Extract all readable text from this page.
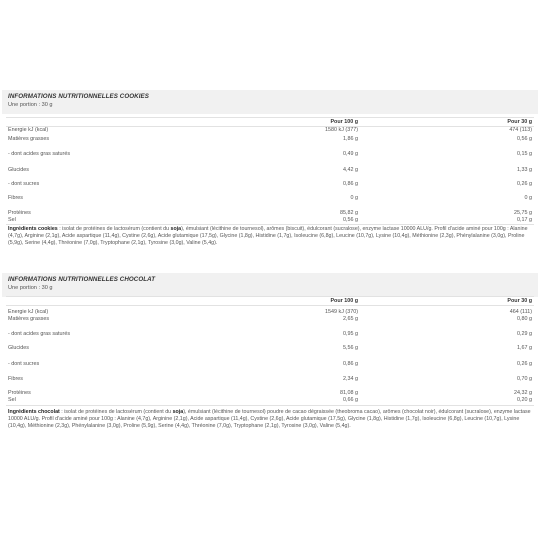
INFORMATIONS NUTRITIONNELLES COOKIES
Une portion : 30 g
Pour 100 g	Pour 30 g
Energie kJ (kcal)	1580 kJ (377)	474 (113)
Matières grasses	1,86 g	0,56 g
- dont acides gras saturés	0,49 g	0,15 g
Glucides	4,42 g	1,33 g
- dont sucres	0,86 g	0,26 g
Fibres	0 g	0 g
Protéines	85,82 g	25,75 g
Sel	0,56 g	0,17 g
Ingrédients cookies : isolat de protéines de lactosérum (contient du soja), émulsiant (lécithine de tournesol), arômes (biscuit), édulcorant (sucralose), enzyme lactase 10000 ALU/g. Profil d'acide aminé pour 100g : Alanine (4,7g), Arginine (2,1g), Acide aspartique (11,4g), Cystine (2,6g), Acide glutamique (17,5g), Glycine (1,8g), Histidine (1,7g), Isoleucine (6,8g), Leucine (10,7g), Lysine (10,4g), Méthionine (2,3g), Phénylalanine (3,0g), Proline (5,9g), Serine (4,4g), Thréonine (7,0g), Tryptophane (2,1g), Tyrosine (3,0g), Valine (5,4g).
INFORMATIONS NUTRITIONNELLES CHOCOLAT
Une portion : 30 g
Pour 100 g	Pour 30 g
Energie kJ (kcal)	1549 kJ (370)	464 (111)
Matières grasses	2,65 g	0,80 g
- dont acides gras saturés	0,95 g	0,29 g
Glucides	5,56 g	1,67 g
- dont sucres	0,86 g	0,26 g
Fibres	2,34 g	0,70 g
Protéines	81,08 g	24,32 g
Sel	0,66 g	0,20 g
Ingrédients chocolat : isolat de protéines de lactosérum (contient du soja), émulsiant (lécithine de tournesol) poudre de cacao dégraissée (theobroma cacao), arômes (chocolat noir), édulcorant (sucralose), enzyme lactase 10000 ALU/g. Profil d'acide aminé pour 100g : Alanine (4,7g), Arginine (2,1g), Acide aspartique (11,4g), Cystine (2,6g), Acide glutamique (17,5g), Glycine (1,8g), Histidine (1,7g), Isoleucine (6,8g), Leucine (10,7g), Lysine (10,4g), Méthionine (2,3g), Phénylalanine (3,0g), Proline (5,9g), Serine (4,4g), Thréonine (7,0g), Tryptophane (2,1g), Tyrosine (3,0g), Valine (5,4g).
